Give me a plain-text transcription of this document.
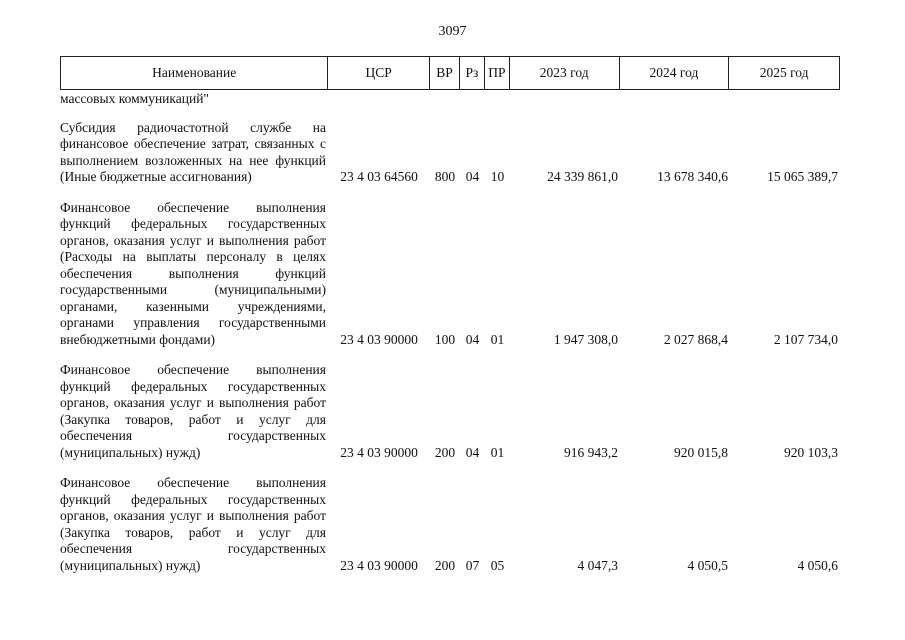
3097
Наименование	ЦСР	ВР Рз ПР	2023 год	2024 год	2025 год
массовых коммуникаций"
Субсидия радиочастотной службе на финансовое обеспечение затрат, связанных с выполнением возложенных на нее функций (Иные бюджетные ассигнования)	23 4 03 64560	800 04 10	24 339 861,0	13 678 340,6	15 065 389,7
Финансовое обеспечение выполнения функций федеральных государственных органов, оказания услуг и выполнения работ (Расходы на выплаты персоналу в целях обеспечения выполнения функций государственными (муниципальными) органами, казенными учреждениями, органами управления государственными внебюджетными фондами)	23 4 03 90000	100 04 01	1 947 308,0	2 027 868,4	2 107 734,0
Финансовое обеспечение выполнения функций федеральных государственных органов, оказания услуг и выполнения работ (Закупка товаров, работ и услуг для обеспечения государственных (муниципальных) нужд)	23 4 03 90000	200 04 01	916 943,2	920 015,8	920 103,3
Финансовое обеспечение выполнения функций федеральных государственных органов, оказания услуг и выполнения работ (Закупка товаров, работ и услуг для обеспечения государственных (муниципальных) нужд)	23 4 03 90000	200 07 05	4 047,3	4 050,5	4 050,6
